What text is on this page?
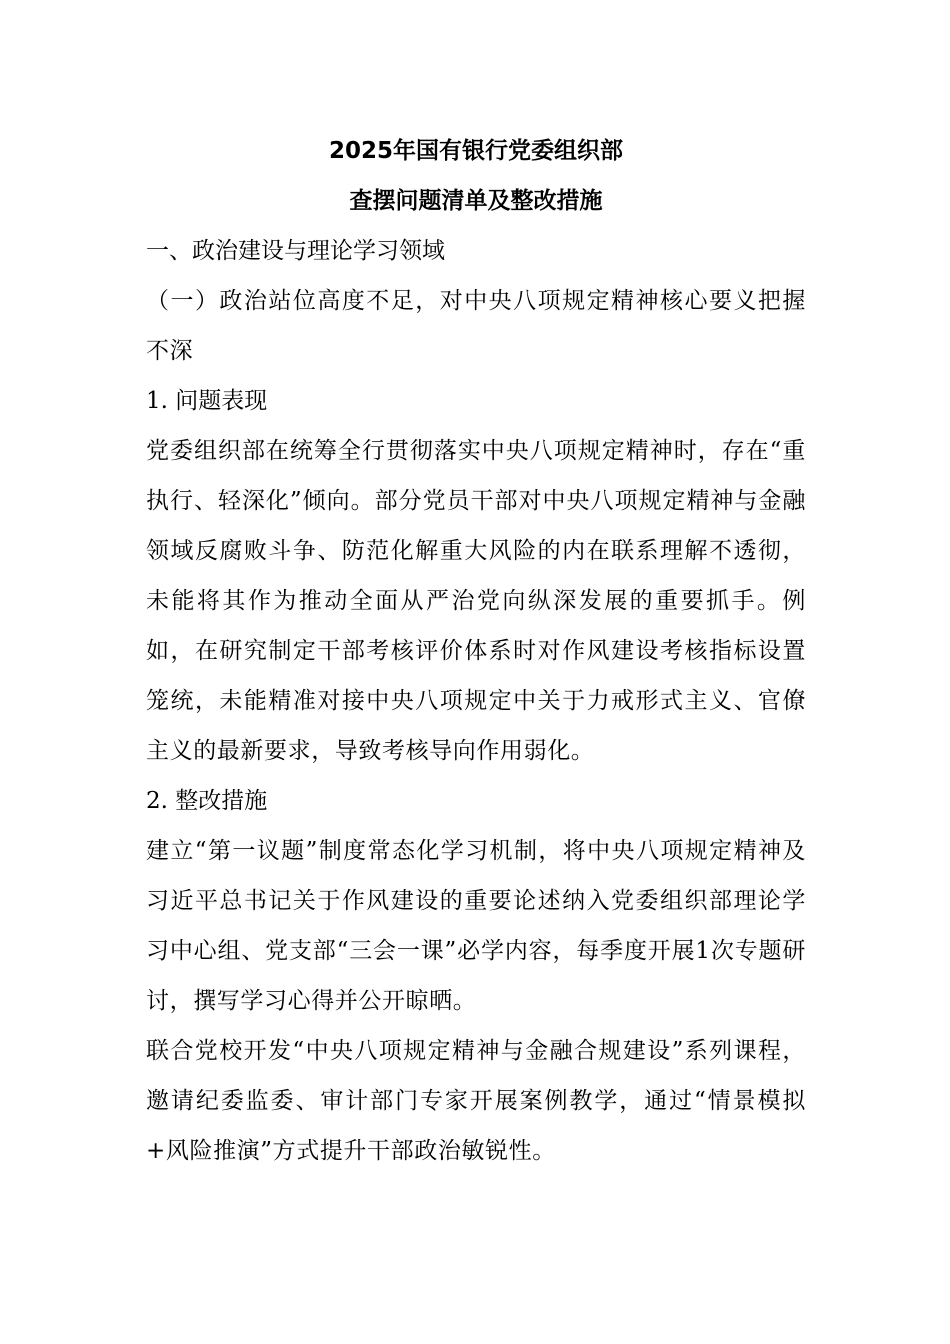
2025年国有银行党委组织部

查摆问题清单及整改措施

一、政治建设与理论学习领域

（一）政治站位高度不足，对中央八项规定精神核心要义把握不深

1. 问题表现

党委组织部在统筹全行贯彻落实中央八项规定精神时，存在“重执行、轻深化”倾向。部分党员干部对中央八项规定精神与金融领域反腐败斗争、防范化解重大风险的内在联系理解不透彻，未能将其作为推动全面从严治党向纵深发展的重要抓手。例如，在研究制定干部考核评价体系时对作风建设考核指标设置笼统，未能精准对接中央八项规定中关于力戒形式主义、官僚主义的最新要求，导致考核导向作用弱化。

2. 整改措施

建立“第一议题”制度常态化学习机制，将中央八项规定精神及习近平总书记关于作风建设的重要论述纳入党委组织部理论学习中心组、党支部“三会一课”必学内容，每季度开展1次专题研讨，撰写学习心得并公开晾晒。

联合党校开发“中央八项规定精神与金融合规建设”系列课程，邀请纪委监委、审计部门专家开展案例教学，通过“情景模拟+风险推演”方式提升干部政治敏锐性。
